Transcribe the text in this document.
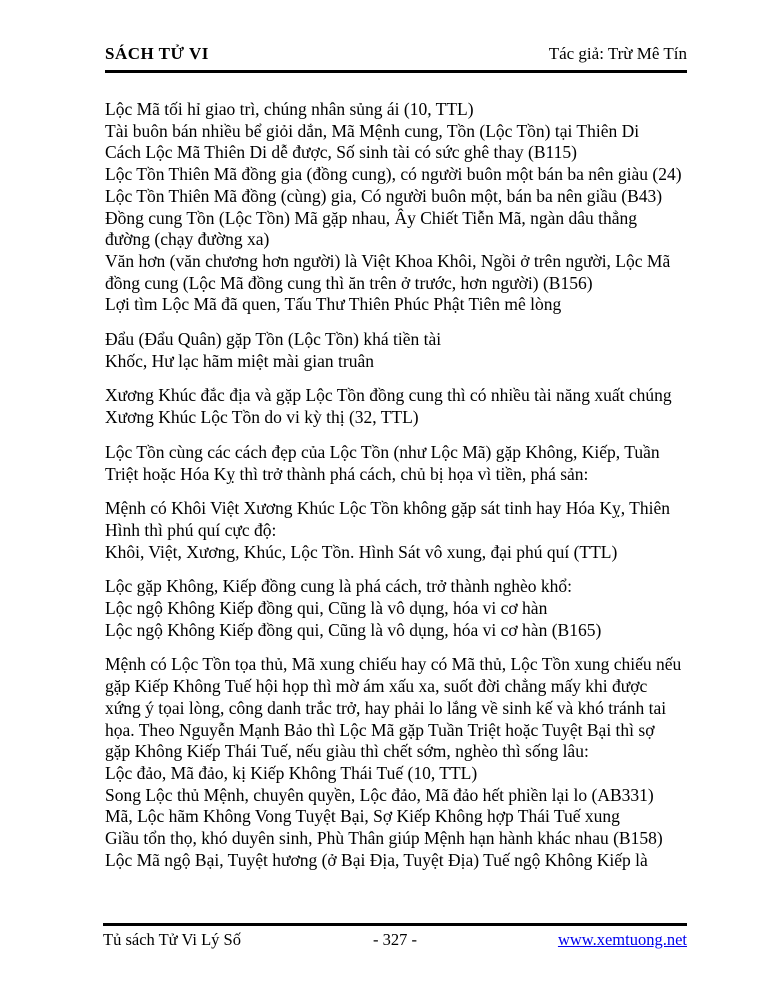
SÁCH TỬ VI	Tác giả: Trừ Mê Tín
Lộc Mã tối hỉ giao trì, chúng nhân sủng ái (10, TTL)
Tài buôn bán nhiều bể giỏi dắn, Mã Mệnh cung, Tồn (Lộc Tồn) tại Thiên Di
Cách Lộc Mã Thiên Di dễ được, Số sinh tài có sức ghê thay (B115)
Lộc Tồn Thiên Mã đồng gia (đồng cung), có người buôn một bán ba nên giàu (24)
Lộc Tồn Thiên Mã đồng (cùng) gia, Có người buôn một, bán ba nên giầu (B43)
Đồng cung Tồn (Lộc Tồn) Mã gặp nhau, Ây Chiết Tiễn Mã, ngàn dâu thẳng
đường (chạy đường xa)
Văn hơn (văn chương hơn người) là Việt Khoa Khôi, Ngồi ở trên người, Lộc Mã
đồng cung (Lộc Mã đồng cung thì ăn trên ở trước, hơn người) (B156)
Lợi tìm Lộc Mã đã quen, Tấu Thư Thiên Phúc Phật Tiên mê lòng
Đẩu (Đẩu Quân) gặp Tồn (Lộc Tồn) khá tiền tài
Khốc, Hư lạc hãm miệt mài gian truân
Xương Khúc đắc địa và gặp Lộc Tồn đồng cung thì có nhiều tài năng xuất chúng
Xương Khúc Lộc Tồn do vi kỳ thị (32, TTL)
Lộc Tồn cùng các cách đẹp của Lộc Tồn (như Lộc Mã) gặp Không, Kiếp, Tuần
Triệt hoặc Hóa Kỵ thì trở thành phá cách, chủ bị họa vì tiền, phá sản:
Mệnh có Khôi Việt Xương Khúc Lộc Tồn không gặp sát tinh hay Hóa Kỵ, Thiên
Hình thì phú quí cực độ:
Khôi, Việt, Xương, Khúc, Lộc Tồn. Hình Sát vô xung, đại phú quí (TTL)
Lộc gặp Không, Kiếp đồng cung là phá cách, trở thành nghèo khổ:
Lộc ngộ Không Kiếp đồng qui, Cũng là vô dụng, hóa vi cơ hàn
Lộc ngộ Không Kiếp đồng qui, Cũng là vô dụng, hóa vi cơ hàn (B165)
Mệnh có Lộc Tồn tọa thủ, Mã xung chiếu hay có Mã thủ, Lộc Tồn xung chiếu nếu
gặp Kiếp Không Tuế hội họp thì mờ ám xấu xa, suốt đời chẳng mấy khi được
xứng ý tọai lòng, công danh trắc trở, hay phải lo lắng về sinh kế và khó tránh tai
họa. Theo Nguyễn Mạnh Bảo thì Lộc Mã gặp Tuần Triệt hoặc Tuyệt Bại thì sợ
gặp Không Kiếp Thái Tuế, nếu giàu thì chết sớm, nghèo thì sống lâu:
Lộc đảo, Mã đảo, kị Kiếp Không Thái Tuế (10, TTL)
Song Lộc thủ Mệnh, chuyên quyền, Lộc đảo, Mã đảo hết phiền lại lo (AB331)
Mã, Lộc hãm Không Vong Tuyệt Bại, Sợ Kiếp Không hợp Thái Tuế xung
Giầu tổn thọ, khó duyên sinh, Phù Thân giúp Mệnh hạn hành khác nhau (B158)
Lộc Mã ngộ Bại, Tuyệt hương (ở Bại Địa, Tuyệt Địa) Tuế ngộ Không Kiếp là
Tủ sách Tử Vi Lý Số	- 327 -	www.xemtuong.net
